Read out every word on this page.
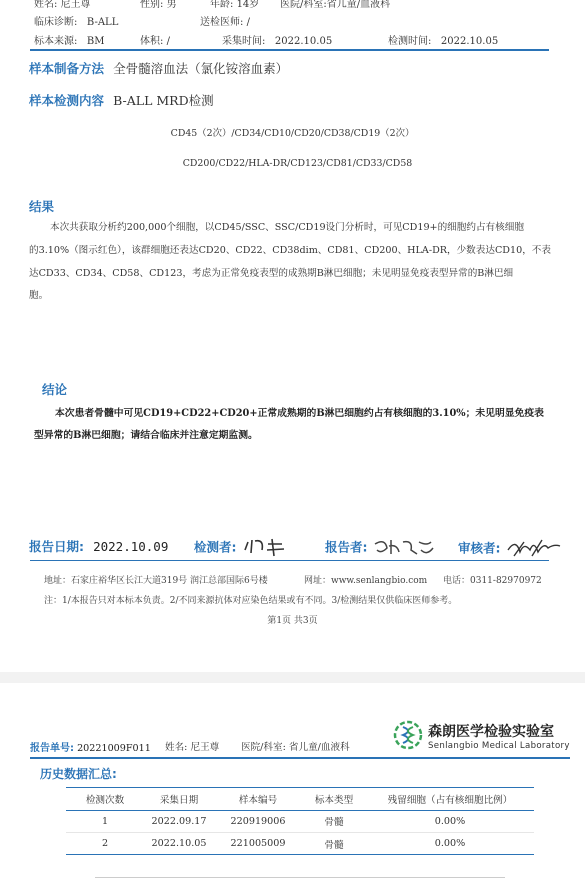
姓名: 尼王尊	性别: 男	年龄: 14岁 医院/科室:省儿童/血液科
临床诊断: B-ALL	送检医师: /
标本来源: BM	体积: /	采集时间: 2022.10.05	检测时间: 2022.10.05
样本制备方法 全骨髓溶血法（氯化铵溶血素）
样本检测内容 B-ALL MRD检测
CD45（2次）/CD34/CD10/CD20/CD38/CD19（2次）
CD200/CD22/HLA-DR/CD123/CD81/CD33/CD58
结果
本次共获取分析约200,000个细胞，以CD45/SSC、SSC/CD19设门分析时，可见CD19+的细胞约占有核细胞
的3.10%（图示红色），该群细胞还表达CD20、CD22、CD38dim、CD81、CD200、HLA-DR，少数表达CD10，不表
达CD33、CD34、CD58、CD123，考虑为正常免疫表型的成熟期B淋巴细胞；未见明显免疫表型异常的B淋巴细
胞。
结论
本次患者骨髓中可见CD19+CD22+CD20+正常成熟期的B淋巴细胞约占有核细胞的3.10%；未见明显免疫表
型异常的B淋巴细胞；请结合临床并注意定期监测。
报告日期: 2022.10.09 检测者:	报告者:	审核者:
地址：石家庄裕华区长江大道319号 润江总部国际6号楼	网址：www.senlangbio.com 电话：0311-82970972
注：1/本报告只对本标本负责。2/不同来源抗体对应染色结果或有不同。3/检测结果仅供临床医师参考。
第1页 共3页
森朗医学检验实验室
Senlangbio Medical Laboratory
报告单号: 20221009F011 姓名: 尼王尊 医院/科室: 省儿童/血液科
历史数据汇总:
检测次数	采集日期	样本编号	标本类型	残留细胞（占有核细胞比例）

1	2022.09.17	220919006	骨髓	0.00%
2	2022.10.05	221005009	骨髓	0.00%
